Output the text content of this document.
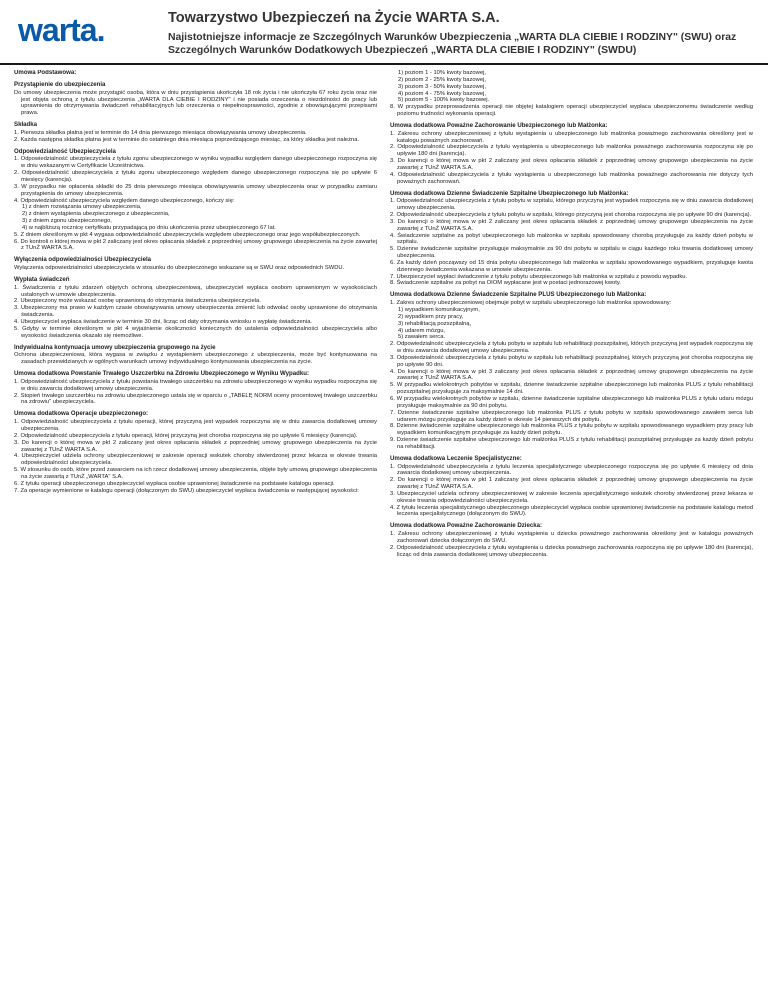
warta.	Towarzystwo Ubezpieczeń na Życie WARTA S.A.
Najistotniejsze informacje ze Szczególnych Warunków Ubezpieczenia „WARTA DLA CIEBIE I RODZINY" (SWU) oraz Szczególnych Warunków Dodatkowych Ubezpieczeń „WARTA DLA CIEBIE I RODZINY" (SWDU)
Umowa Podstawowa:
Przystąpienie do ubezpieczenia
Do umowy ubezpieczenia może przystąpić osoba, która w dniu przystąpienia ukończyła 18 rok życia i nie ukończyła 67 roku życia oraz nie jest objęta ochroną z tytułu ubezpieczenia „WARTA DLA CIEBIE I RODZINY" i nie posiada orzeczenia o niezdolności do pracy lub uprawnienia do otrzymywania świadczeń rehabilitacyjnych lub orzeczenia o niepełnosprawności, zgodnie z obowiązującymi przepisami prawa.
Składka
1. Pierwsza składka płatna jest w terminie do 14 dnia pierwszego miesiąca obowiązywania umowy ubezpieczenia.
2. Każda następna składka płatna jest w terminie do ostatniego dnia miesiąca poprzedzającego miesiąc, za który składka jest należna.
Odpowiedzialność Ubezpieczyciela
1. Odpowiedzialność ubezpieczyciela z tytułu zgonu ubezpieczonego w wyniku wypadku względem danego ubezpieczonego rozpoczyna się w dniu wskazanym w Certyfikacie Ucześtnictwa.
2. Odpowiedzialność ubezpieczyciela z tytułu zgonu ubezpieczonego względem danego ubezpieczonego rozpoczyna się po upływie 6 miesięcy (karencja).
3. W przypadku nie opłacenia składki do 25 dnia pierwszego miesiąca obowiązywania umowy ubezpieczenia oraz w przypadku zamiaru przystąpienia do umowy ubezpieczenia.
4. Odpowiedzialność ubezpieczyciela względem danego ubezpieczonego, kończy się:
1) z dniem rozwiązania umowy ubezpieczenia,
2) z dniem wystąpienia ubezpieczonego z ubezpieczenia,
3) z dniem zgonu ubezpieczonego,
4) w najbliższą rocznicę certyfikatu przypadającą po dniu ukończenia przez ubezpieczonego 67 lat.
5. Z dniem określonym w pkt 4 wygasa odpowiedzialność ubezpieczyciela względem ubezpieczonego oraz jego współubezpieczonych.
6. Do kontroli o której mowa w pkt 2 zaliczany jest okres opłacania składek z poprzedniej umowy grupowego ubezpieczenia na życie zawartej z TUnŻ WARTA S.A.
Wyłączenia odpowiedzialności Ubezpieczyciela
Wyłączenia odpowiedzialności ubezpieczyciela w stosunku do ubezpieczonego wskazane są w SWU oraz odpowiednich SWDU.
Wypłata świadczeń
1. Świadczenia z tytułu zdarzeń objętych ochroną ubezpieczeniową, ubezpieczyciel wypłaca osobom uprawnionym w wysokościach ustalonych w umowie ubezpieczenia.
2. Ubezpieczony może wskazać osobę uprawnioną do otrzymania świadczenia ubezpieczyciela.
3. Ubezpieczony ma prawo w każdym czasie obowiązywania umowy ubezpieczenia zmienić lub odwołać osoby uprawnione do otrzymania świadczenia.
4. Ubezpieczyciel wypłaca świadczenie w terminie 30 dni, licząc od daty otrzymania wniosku o wypłatę świadczenia.
5. Gdyby w terminie określonym w pkt 4 wyjaśnienie okoliczności koniecznych do ustalenia odpowiedzialności ubezpieczyciela albo wysokości świadczenia okazało się niemożliwe.
Indywidualna kontynuacja umowy ubezpieczenia grupowego na życie
Ochrona ubezpieczeniowa, która wygasa w związku z wystąpieniem ubezpieczonego z ubezpieczenia, może być kontynuowana na zasadach przewidzianych w ogólnych warunkach umowy indywidualnego kontynuowania ubezpieczenia na życie.
Umowa dodatkowa Powstanie Trwałego Uszczerbku na Zdrowiu Ubezpieczonego w Wyniku Wypadku:
1. Odpowiedzialność ubezpieczyciela z tytułu powstania trwałego uszczerbku na zdrowiu ubezpieczonego w wyniku wypadku rozpoczyna się w dniu zawarcia dodatkowej umowy ubezpieczenia.
2. Stopień trwałego uszczerbku na zdrowiu ubezpieczonego ustala się w oparciu o „TABELĘ NORM oceny procentowej trwałego uszczerbku na zdrowiu" ubezpieczyciela.
Umowa dodatkowa Operacje ubezpieczonego:
1. Odpowiedzialność ubezpieczyciela z tytułu operacji, której przyczyną jest wypadek rozpoczyna się w dniu zawarcia dodatkowej umowy ubezpieczenia.
2. Odpowiedzialność ubezpieczyciela z tytułu operacji, której przyczyną jest choroba rozpoczyna się po upływie 6 miesięcy (karencja).
3. Do karencji o której mowa w pkt 2 zaliczany jest okres opłacania składek z poprzedniej umowy grupowego ubezpieczenia na życie zawartej z TUnŻ WARTA S.A.
4. Ubezpieczyciel udziela ochrony ubezpieczeniowej w zakresie operacji wskutek choroby stwierdzonej przez lekarza w okresie trwania odpowiedzialności ubezpieczyciela.
5. W stosunku do osób, które przed zawarciem na ich rzecz dodatkowej umowy ubezpieczenia, objęte były umową grupowego ubezpieczenia na życie zawartą z TUnŻ „WARTA" S.A.
6. Z tytułu operacji ubezpieczonego ubezpieczyciel wypłaca osobie uprawnionej świadczenie na podstawie katalogu operacji.
7. Za operacje wymienione w katalogu operacji (dołączonym do SWU) ubezpieczyciel wypłaca świadczenia w następującej wysokości:
1) poziom 1 - 10% kwoty bazowej,
2) poziom 2 - 25% kwoty bazowej,
3) poziom 3 - 50% kwoty bazowej,
4) poziom 4 - 75% kwoty bazowej,
5) poziom 5 - 100% kwoty bazowej.
8. W przypadku przeprowadzenia operacji nie objętej katalogiem operacji ubezpieczyciel wypłaca ubezpieczonemu świadczenie według poziomu trudności wykonania operacji.
Umowa dodatkowa Poważne Zachorowanie Ubezpieczonego lub Małżonka:
1. Zakresu ochrony ubezpieczeniowej z tytułu wystąpienia u ubezpieczonego lub małżonka poważnego zachorowania określony jest w katalogu poważnych zachorowań.
2. Odpowiedzialność ubezpieczyciela z tytułu wystąpienia u ubezpieczonego lub małżonka poważnego zachorowania rozpoczyna się po upływie 180 dni (karencja).
3. Do karencji o której mowa w pkt 2 zaliczany jest okres opłacania składek z poprzedniej umowy grupowego ubezpieczenia na życie zawartej z TUnŻ WARTA S.A.
4. Odpowiedzialność ubezpieczyciela z tytułu wystąpienia u ubezpieczonego lub małżonka poważnego zachorowania nie dotyczy tych poważnych zachorowań.
Umowa dodatkowa Dzienne Świadczenie Szpitalne Ubezpieczonego lub Małżonka:
1. Odpowiedzialność ubezpieczyciela z tytułu pobytu w szpitalu, którego przyczyną jest wypadek rozpoczyna się w dniu zawarcia dodatkowej umowy ubezpieczenia.
2. Odpowiedzialność ubezpieczyciela z tytułu pobytu w szpitalu, którego przyczyną jest choroba rozpoczyna się po upływie 90 dni (karencja).
3. Do karencji o której mowa w pkt 2 zaliczany jest okres opłacania składek z poprzedniej umowy grupowego ubezpieczenia na życie zawartej z TUnŻ WARTA S.A.
4. Świadczenie szpitalne za pobyt ubezpieczonego lub małżonka w szpitalu spowodowany chorobą przysługuje za każdy dzień pobytu w szpitalu.
5. Dzienne świadczenie szpitalne przysługuje maksymalnie za 90 dni pobytu w szpitalu w ciągu każdego roku trwania dodatkowej umowy ubezpieczenia.
6. Za każdy dzień począwszy od 15 dnia pobytu ubezpieczonego lub małżonka w szpitalu spowodowanego wypadkiem, przysługuje kwota dziennego świadczenia wskazana w umowie ubezpieczenia.
7. Ubezpieczyciel wypłaci świadczenie z tytułu pobytu ubezpieczonego lub małżonka w szpitalu z powodu wypadku.
8. Świadczenie szpitalne za pobyt na OIOM wypłacane jest w postaci jednorazowej kwoty.
Umowa dodatkowa Dzienne Świadczenie Szpitalne PLUS Ubezpieczonego lub Małżonka:
1. Zakres ochrony ubezpieczeniowej obejmuje pobyt w szpitalu ubezpieczonego lub małżonka spowodowany:
1) wypadkiem komunikacyjnym,
2) wypadkiem przy pracy,
3) rehabilitacją pozszpitalną,
4) udarem mózgu,
5) zawałem serca.
2. Odpowiedzialność ubezpieczyciela z tytułu pobytu w szpitalu lub rehabilitacji pozszpitalnej, których przyczyną jest wypadek rozpoczyna się w dniu zawarcia dodatkowej umowy ubezpieczenia.
3. Odpowiedzialność ubezpieczyciela z tytułu pobytu w szpitalu lub rehabilitacji pozszpitalnej, których przyczyną jest choroba rozpoczyna się po upływie 90 dni.
4. Do karencji o której mowa w pkt 3 zaliczany jest okres opłacania składek z poprzedniej umowy grupowego ubezpieczenia na życie zawartej z TUnŻ WARTA S.A.
5. W przypadku wielokrotnych pobytów w szpitalu, dzienne świadczenie szpitalne ubezpieczonego lub małżonka PLUS z tytułu rehabilitacji pozszpitalnej przysługuje za maksymalnie 14 dni.
6. W przypadku wielokrotnych pobytów w szpitalu, dzienne świadczenie szpitalne ubezpieczonego lub małżonka PLUS z tytułu udaru mózgu przysługuje maksymalnie za 90 dni pobytu.
7. Dzienne świadczenie szpitalne ubezpieczonego lub małżonka PLUS z tytułu pobytu w szpitalu spowodowanego zawałem serca lub udarem mózgu przysługuje za każdy dzień w okresie 14 pierwszych dni pobytu.
8. Dzienne świadczenie szpitalne ubezpieczonego lub małżonka PLUS z tytułu pobytu w szpitalu spowodowanego wypadkiem przy pracy lub wypadkiem komunikacyjnym przysługuje za każdy dzień pobytu.
9. Dzienne świadczenie szpitalne ubezpieczonego lub małżonka PLUS z tytułu rehabilitacji pozszpitalnej przysługuje za każdy dzień pobytu na rehabilitacji.
Umowa dodatkowa Leczenie Specjalistyczne:
1. Odpowiedzialność ubezpieczyciela z tytułu leczenia specjalistycznego ubezpieczonego rozpoczyna się po upływie 6 miesięcy od dnia zawarcia dodatkowej umowy ubezpieczenia.
2. Do karencji o której mowa w pkt 1 zaliczany jest okres opłacania składek z poprzedniej umowy grupowego ubezpieczenia na życie zawartej z TUnŻ WARTA S.A.
3. Ubezpieczyciel udziela ochrony ubezpieczeniowej w zakresie leczenia specjalistycznego wskutek choroby stwierdzonej przez lekarza w okresie trwania odpowiedzialności ubezpieczyciela.
4. Z tytułu leczenia specjalistycznego ubezpieczonego ubezpieczyciel wypłaca osobie uprawnionej świadczenie na podstawie katalogu metod leczenia specjalistycznego (dołączonym do SWU).
Umowa dodatkowa Poważne Zachorowanie Dziecka:
1. Zakresu ochrony ubezpieczeniowej z tytułu wystąpienia u dziecka poważnego zachorowania określony jest w katalogu poważnych zachorowań dziecka dołączonym do SWU.
2. Odpowiedzialność ubezpieczyciela z tytułu wystąpienia u dziecka poważnego zachorowania rozpoczyna się po upływie 180 dni (karencja), licząc od dnia zawarcia dodatkowej umowy ubezpieczenia.
